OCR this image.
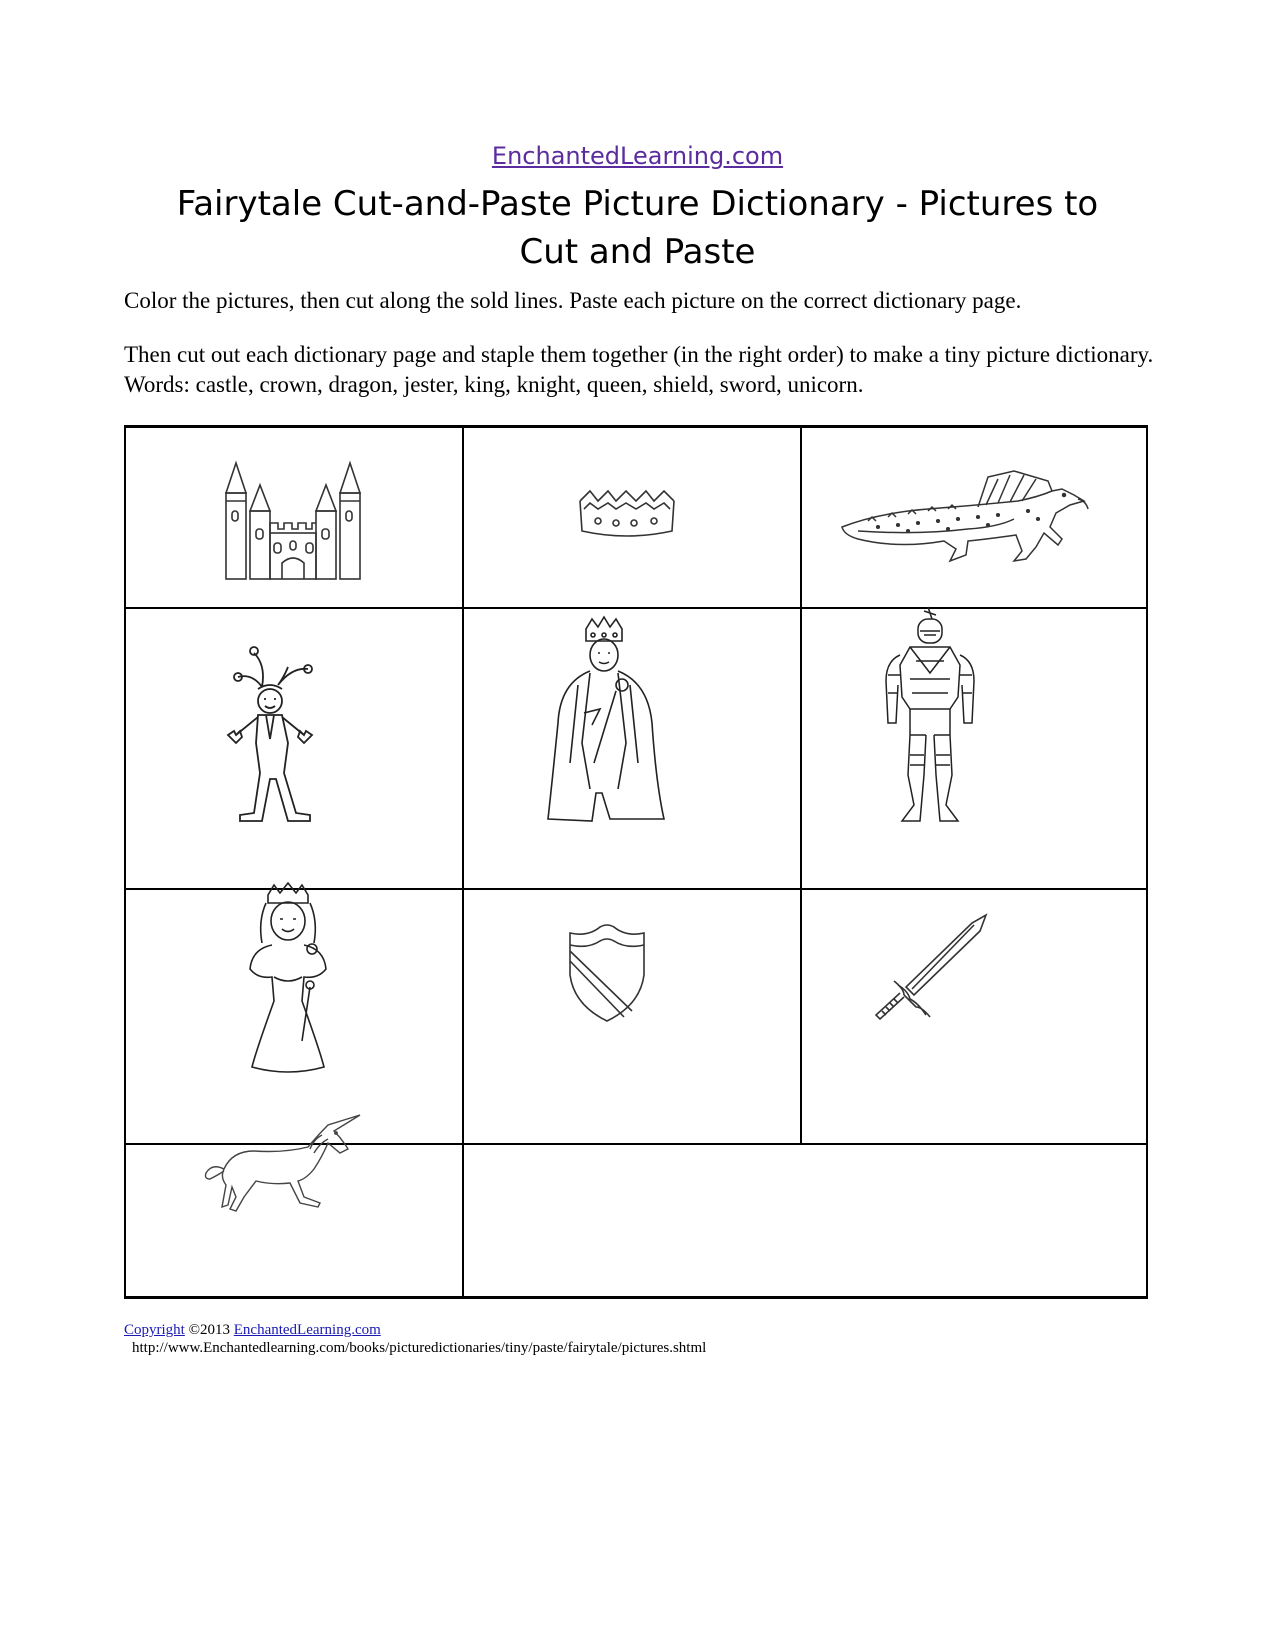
EnchantedLearning.com
Fairytale Cut-and-Paste Picture Dictionary - Pictures to Cut and Paste

Color the pictures, then cut along the sold lines. Paste each picture on the correct dictionary page.

Then cut out each dictionary page and staple them together (in the right order) to make a tiny picture dictionary. Words: castle, crown, dragon, jester, king, knight, queen, shield, sword, unicorn.

Copyright ©2013 EnchantedLearning.com
http://www.Enchantedlearning.com/books/picturedictionaries/tiny/paste/fairytale/pictures.shtml
